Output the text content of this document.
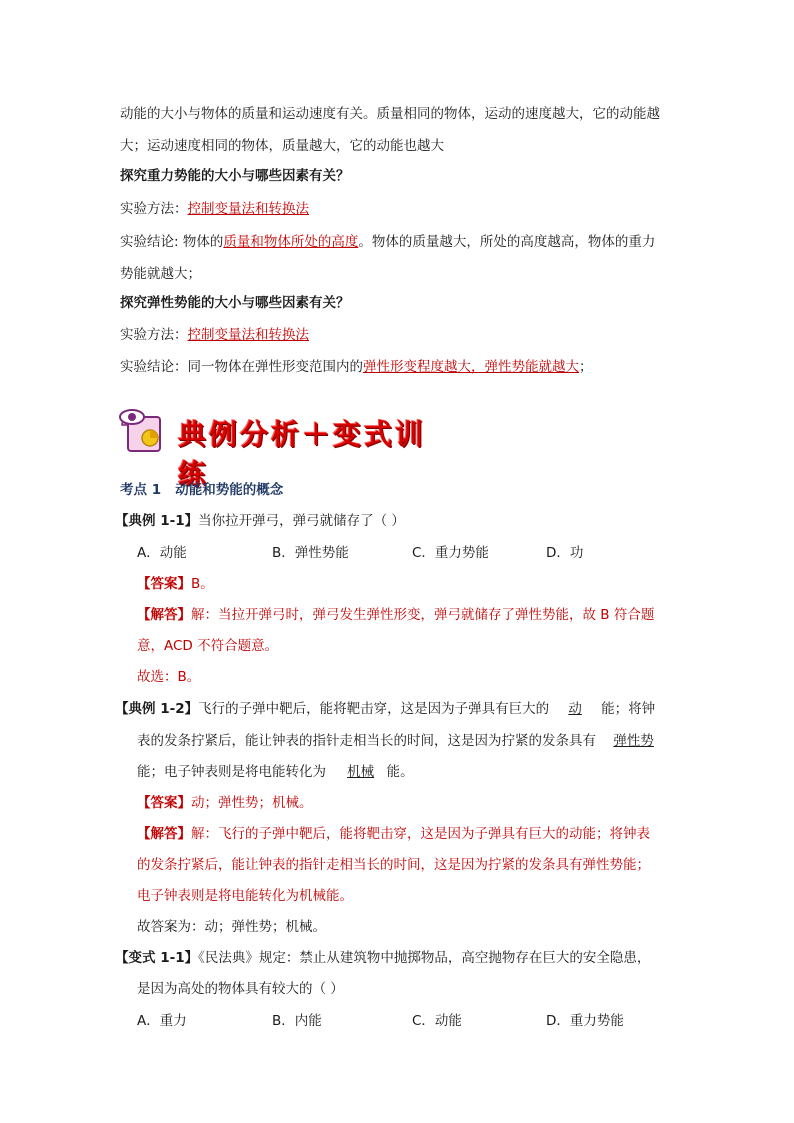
动能的大小与物体的质量和运动速度有关。质量相同的物体，运动的速度越大，它的动能越
大；运动速度相同的物体，质量越大，它的动能也越大
探究重力势能的大小与哪些因素有关？
实验方法：控制变量法和转换法
实验结论: 物体的质量和物体所处的高度。物体的质量越大，所处的高度越高，物体的重力
势能就越大；
探究弹性势能的大小与哪些因素有关？
实验方法：控制变量法和转换法
实验结论：同一物体在弹性形变范围内的弹性形变程度越大，弹性势能就越大；
典例分析＋变式训练
考点 1 动能和势能的概念
【典例 1-1】当你拉开弹弓，弹弓就储存了（ ）
A．动能	B．弹性势能	C．重力势能	D．功
【答案】B。
【解答】解：当拉开弹弓时，弹弓发生弹性形变，弹弓就储存了弹性势能，故 B 符合题
意，ACD 不符合题意。
故选：B。
【典例 1-2】飞行的子弹中靶后，能将靶击穿，这是因为子弹具有巨大的 动 能；将钟
表的发条拧紧后，能让钟表的指针走相当长的时间，这是因为拧紧的发条具有 弹性势
能；电子钟表则是将电能转化为 机械 能。
【答案】动；弹性势；机械。
【解答】解：飞行的子弹中靶后，能将靶击穿，这是因为子弹具有巨大的动能；将钟表
的发条拧紧后，能让钟表的指针走相当长的时间，这是因为拧紧的发条具有弹性势能；
电子钟表则是将电能转化为机械能。
故答案为：动；弹性势；机械。
【变式 1-1】《民法典》规定：禁止从建筑物中抛掷物品，高空抛物存在巨大的安全隐患，
是因为高处的物体具有较大的（ ）
A．重力	B．内能	C．动能	D．重力势能
